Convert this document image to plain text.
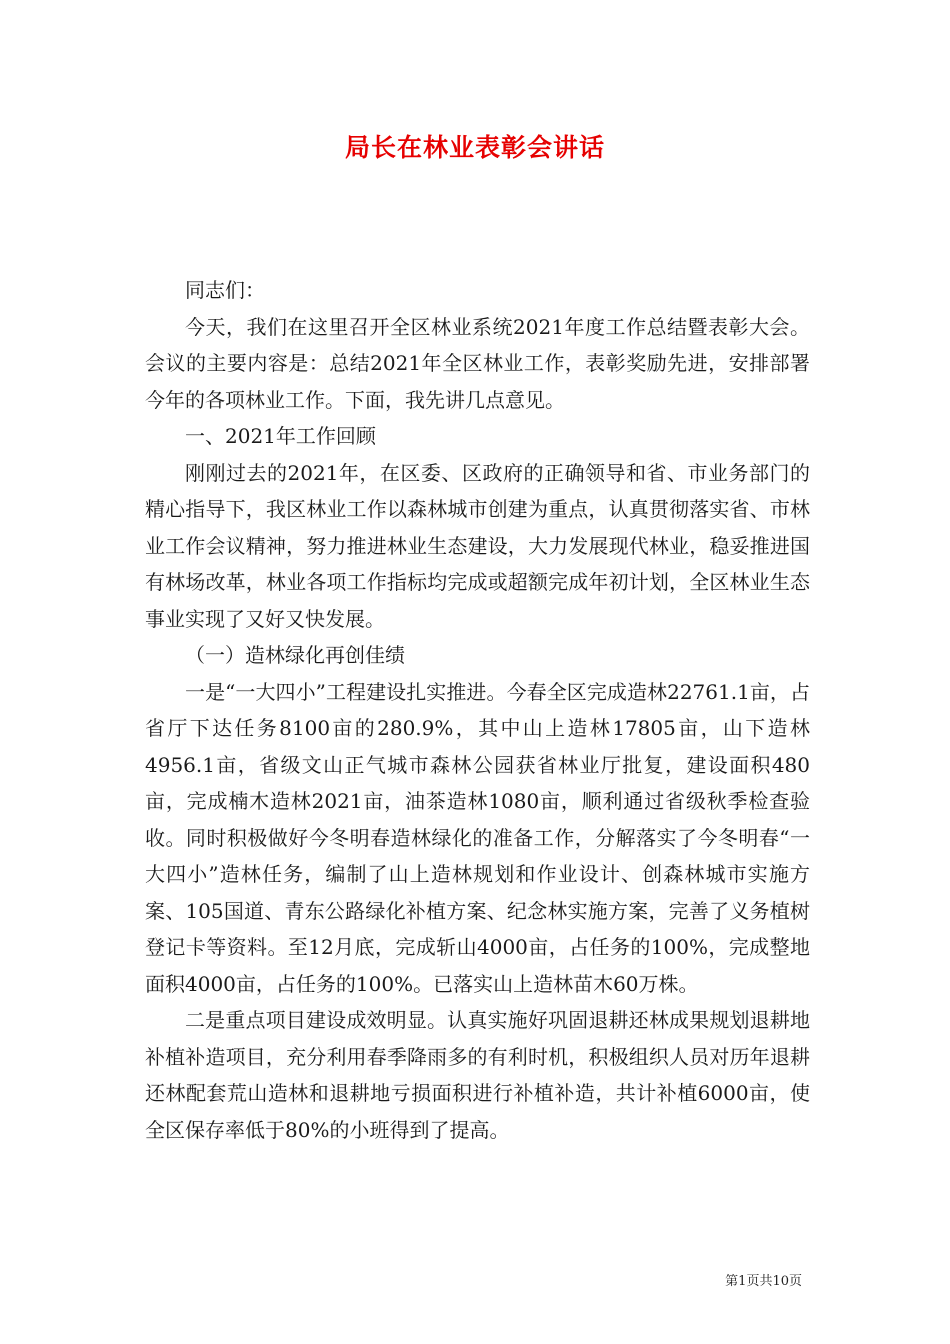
局长在林业表彰会讲话

同志们：

今天，我们在这里召开全区林业系统2021年度工作总结暨表彰大会。会议的主要内容是：总结2021年全区林业工作，表彰奖励先进，安排部署今年的各项林业工作。下面，我先讲几点意见。

一、2021年工作回顾

刚刚过去的2021年，在区委、区政府的正确领导和省、市业务部门的精心指导下，我区林业工作以森林城市创建为重点，认真贯彻落实省、市林业工作会议精神，努力推进林业生态建设，大力发展现代林业，稳妥推进国有林场改革，林业各项工作指标均完成或超额完成年初计划，全区林业生态事业实现了又好又快发展。

（一）造林绿化再创佳绩

一是“一大四小”工程建设扎实推进。今春全区完成造林22761.1亩，占省厅下达任务8100亩的280.9%，其中山上造林17805亩，山下造林4956.1亩，省级文山正气城市森林公园获省林业厅批复，建设面积480亩，完成楠木造林2021亩，油茶造林1080亩，顺利通过省级秋季检查验收。同时积极做好今冬明春造林绿化的准备工作，分解落实了今冬明春“一大四小”造林任务，编制了山上造林规划和作业设计、创森林城市实施方案、105国道、青东公路绿化补植方案、纪念林实施方案，完善了义务植树登记卡等资料。至12月底，完成斩山4000亩，占任务的100%，完成整地面积4000亩，占任务的100%。已落实山上造林苗木60万株。

二是重点项目建设成效明显。认真实施好巩固退耕还林成果规划退耕地补植补造项目，充分利用春季降雨多的有利时机，积极组织人员对历年退耕还林配套荒山造林和退耕地亏损面积进行补植补造，共计补植6000亩，使全区保存率低于80%的小班得到了提高。

第1页共10页
